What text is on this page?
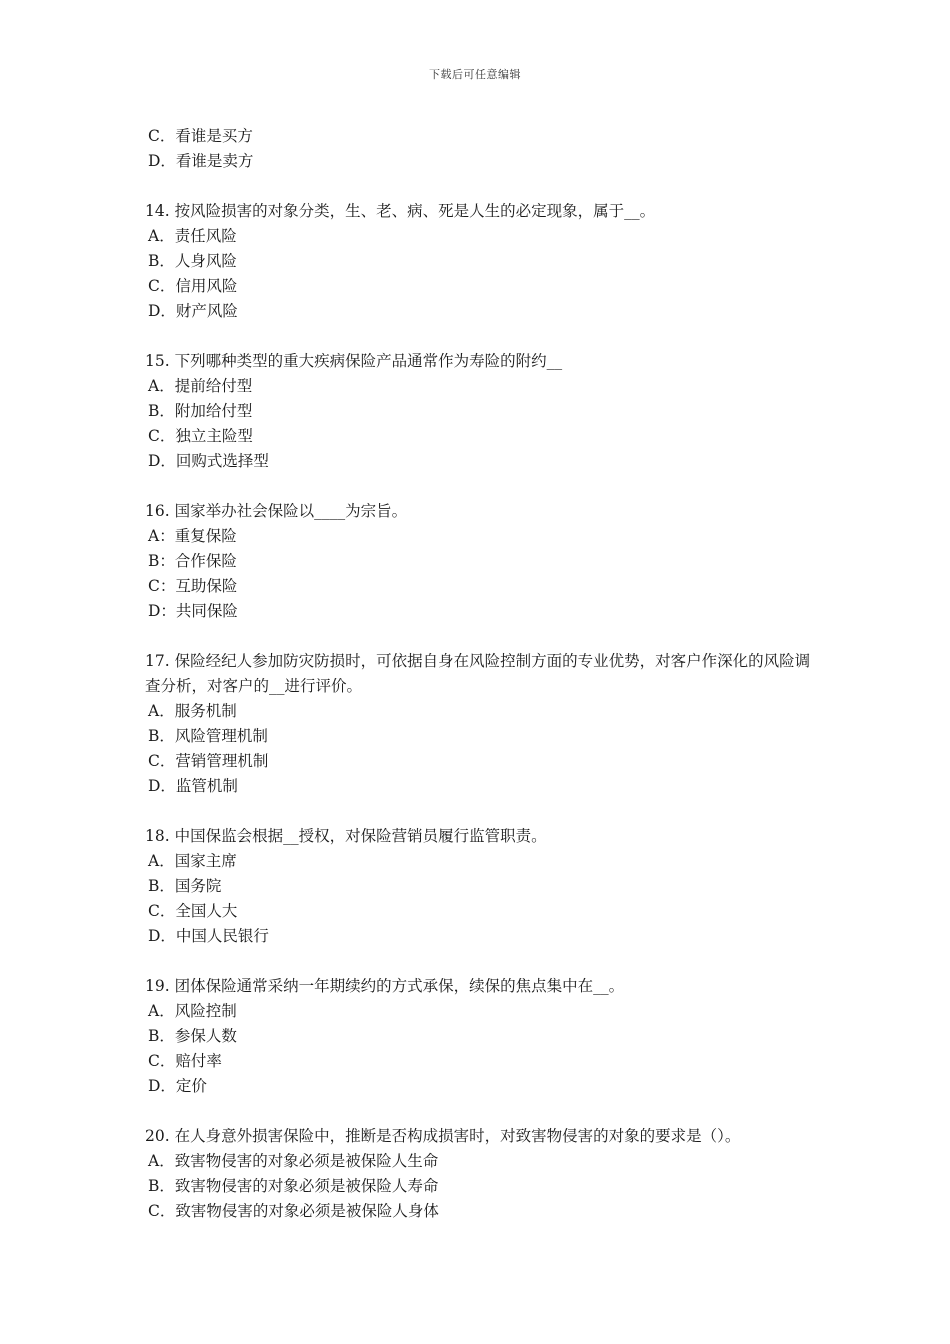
下载后可任意编辑
C．看谁是买方
D．看谁是卖方
14. 按风险损害的对象分类，生、老、病、死是人生的必定现象，属于__。
A．责任风险
B．人身风险
C．信用风险
D．财产风险
15. 下列哪种类型的重大疾病保险产品通常作为寿险的附约__
A．提前给付型
B．附加给付型
C．独立主险型
D．回购式选择型
16. 国家举办社会保险以____为宗旨。
A：重复保险
B：合作保险
C：互助保险
D：共同保险
17. 保险经纪人参加防灾防损时，可依据自身在风险控制方面的专业优势，对客户作深化的风险调查分析，对客户的__进行评价。
A．服务机制
B．风险管理机制
C．营销管理机制
D．监管机制
18. 中国保监会根据__授权，对保险营销员履行监管职责。
A．国家主席
B．国务院
C．全国人大
D．中国人民银行
19. 团体保险通常采纳一年期续约的方式承保，续保的焦点集中在__。
A．风险控制
B．参保人数
C．赔付率
D．定价
20. 在人身意外损害保险中，推断是否构成损害时，对致害物侵害的对象的要求是（）。
A．致害物侵害的对象必须是被保险人生命
B．致害物侵害的对象必须是被保险人寿命
C．致害物侵害的对象必须是被保险人身体
